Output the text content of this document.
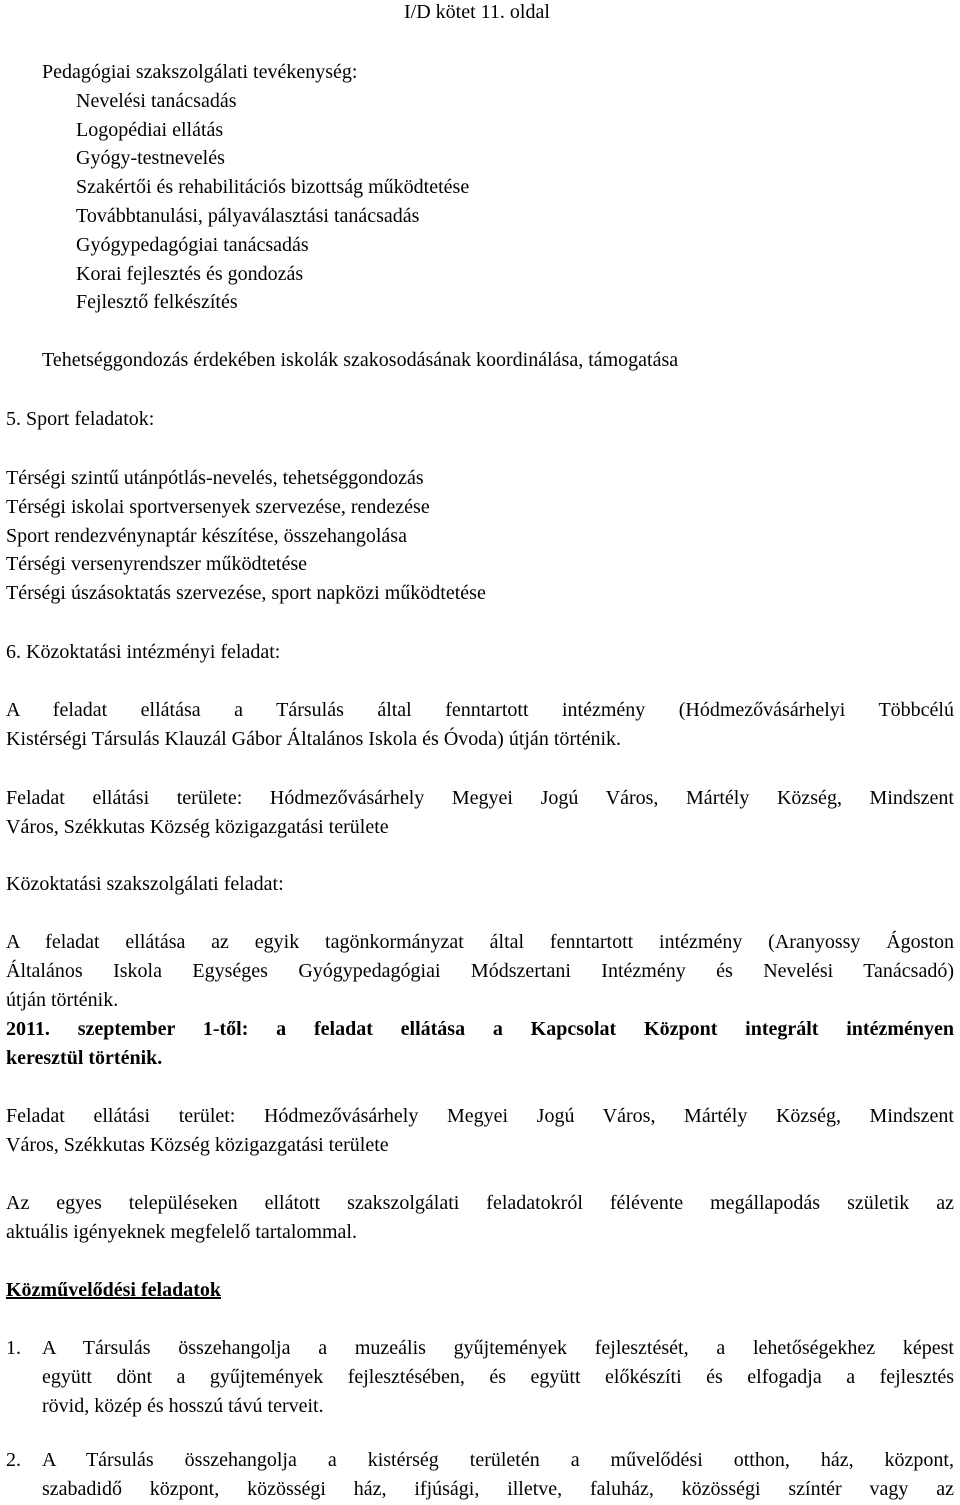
I/D kötet 11. oldal
Pedagógiai szakszolgálati tevékenység:
Nevelési tanácsadás
Logopédiai ellátás
Gyógy-testnevelés
Szakértői és rehabilitációs bizottság működtetése
Továbbtanulási, pályaválasztási tanácsadás
Gyógypedagógiai tanácsadás
Korai fejlesztés és gondozás
Fejlesztő felkészítés
Tehetséggondozás érdekében iskolák szakosodásának koordinálása, támogatása
5. Sport feladatok:
Térségi szintű utánpótlás-nevelés, tehetséggondozás
Térségi iskolai sportversenyek szervezése, rendezése
Sport rendezvénynaptár készítése, összehangolása
Térségi versenyrendszer működtetése
Térségi úszásoktatás szervezése, sport napközi működtetése
6. Közoktatási intézményi feladat:
A feladat ellátása a Társulás által fenntartott intézmény (Hódmezővásárhelyi Többcélú
Kistérségi Társulás Klauzál Gábor Általános Iskola és Óvoda) útján történik.
Feladat ellátási területe: Hódmezővásárhely Megyei Jogú Város, Mártély Község, Mindszent
Város, Székkutas Község közigazgatási területe
Közoktatási szakszolgálati feladat:
A feladat ellátása az egyik tagönkormányzat által fenntartott intézmény (Aranyossy Ágoston
Általános Iskola Egységes Gyógypedagógiai Módszertani Intézmény és Nevelési Tanácsadó)
útján történik.
2011. szeptember 1-től: a feladat ellátása a Kapcsolat Központ integrált intézményen
keresztül történik.
Feladat ellátási terület: Hódmezővásárhely Megyei Jogú Város, Mártély Község, Mindszent
Város, Székkutas Község közigazgatási területe
Az egyes településeken ellátott szakszolgálati feladatokról félévente megállapodás születik az
aktuális igényeknek megfelelő tartalommal.
Közművelődési feladatok
1. A Társulás összehangolja a muzeális gyűjtemények fejlesztését, a lehetőségekhez képest
együtt dönt a gyűjtemények fejlesztésében, és együtt előkészíti és elfogadja a fejlesztés
rövid, közép és hosszú távú terveit.
2. A Társulás összehangolja a kistérség területén a művelődési otthon, ház, központ,
szabadidő központ, közösségi ház, ifjúsági, illetve, faluház, közösségi színtér vagy az
